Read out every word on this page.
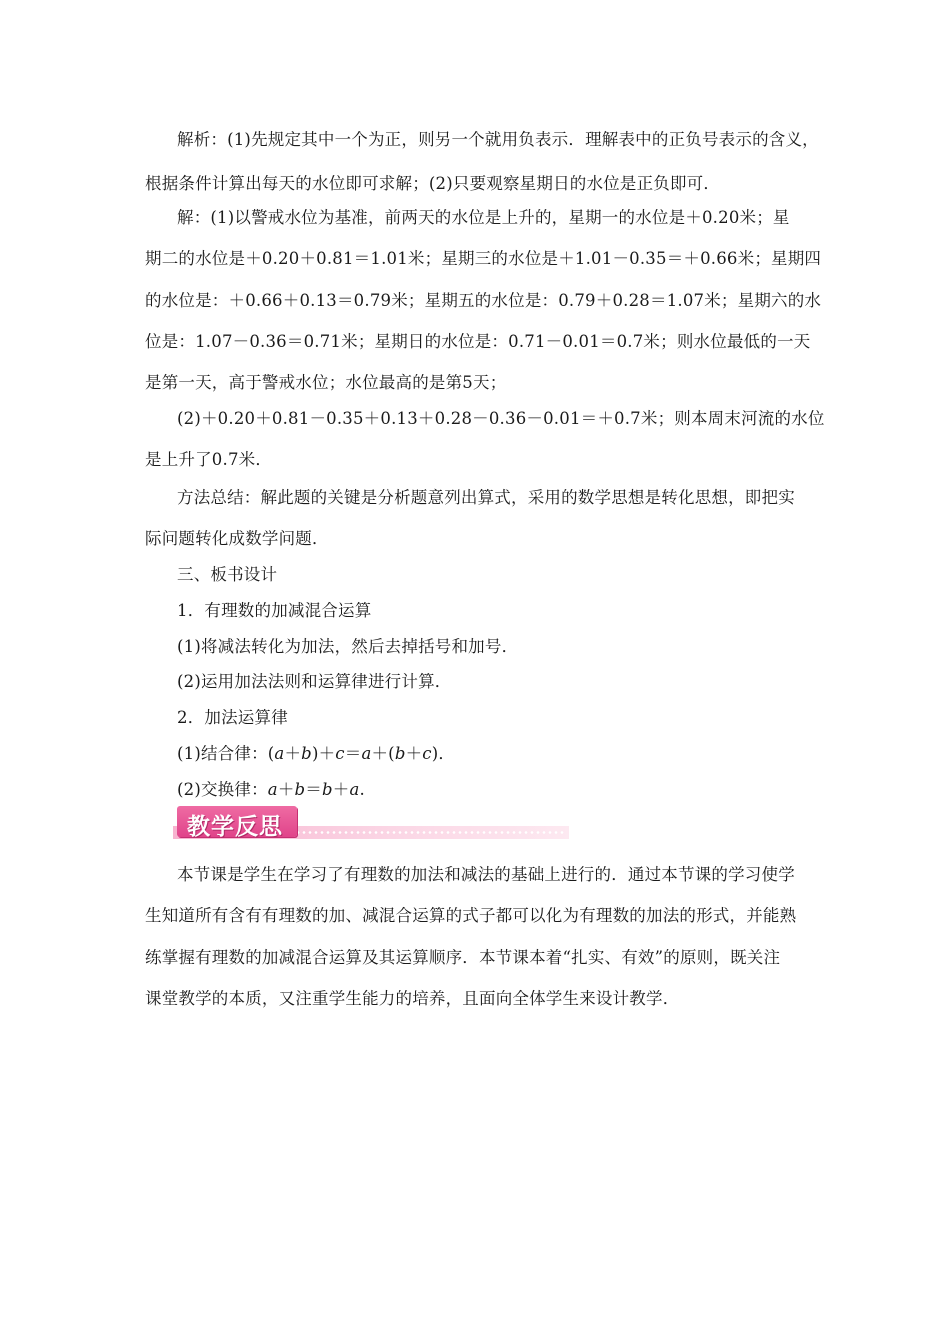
解析：(1)先规定其中一个为正，则另一个就用负表示．理解表中的正负号表示的含义，
根据条件计算出每天的水位即可求解；(2)只要观察星期日的水位是正负即可．
解：(1)以警戒水位为基准，前两天的水位是上升的，星期一的水位是＋0.20米；星
期二的水位是＋0.20＋0.81＝1.01米；星期三的水位是＋1.01－0.35＝＋0.66米；星期四
的水位是：＋0.66＋0.13＝0.79米；星期五的水位是：0.79＋0.28＝1.07米；星期六的水
位是：1.07－0.36＝0.71米；星期日的水位是：0.71－0.01＝0.7米；则水位最低的一天
是第一天，高于警戒水位；水位最高的是第5天；
(2)＋0.20＋0.81－0.35＋0.13＋0.28－0.36－0.01＝＋0.7米；则本周末河流的水位
是上升了0.7米．
方法总结：解此题的关键是分析题意列出算式，采用的数学思想是转化思想，即把实
际问题转化成数学问题．
三、板书设计
1．有理数的加减混合运算
(1)将减法转化为加法，然后去掉括号和加号．
(2)运用加法法则和运算律进行计算．
2．加法运算律
(1)结合律：(a＋b)＋c＝a＋(b＋c)．
(2)交换律：a＋b＝b＋a.
教学反思
本节课是学生在学习了有理数的加法和减法的基础上进行的．通过本节课的学习使学
生知道所有含有有理数的加、减混合运算的式子都可以化为有理数的加法的形式，并能熟
练掌握有理数的加减混合运算及其运算顺序．本节课本着“扎实、有效”的原则，既关注
课堂教学的本质，又注重学生能力的培养，且面向全体学生来设计教学．
